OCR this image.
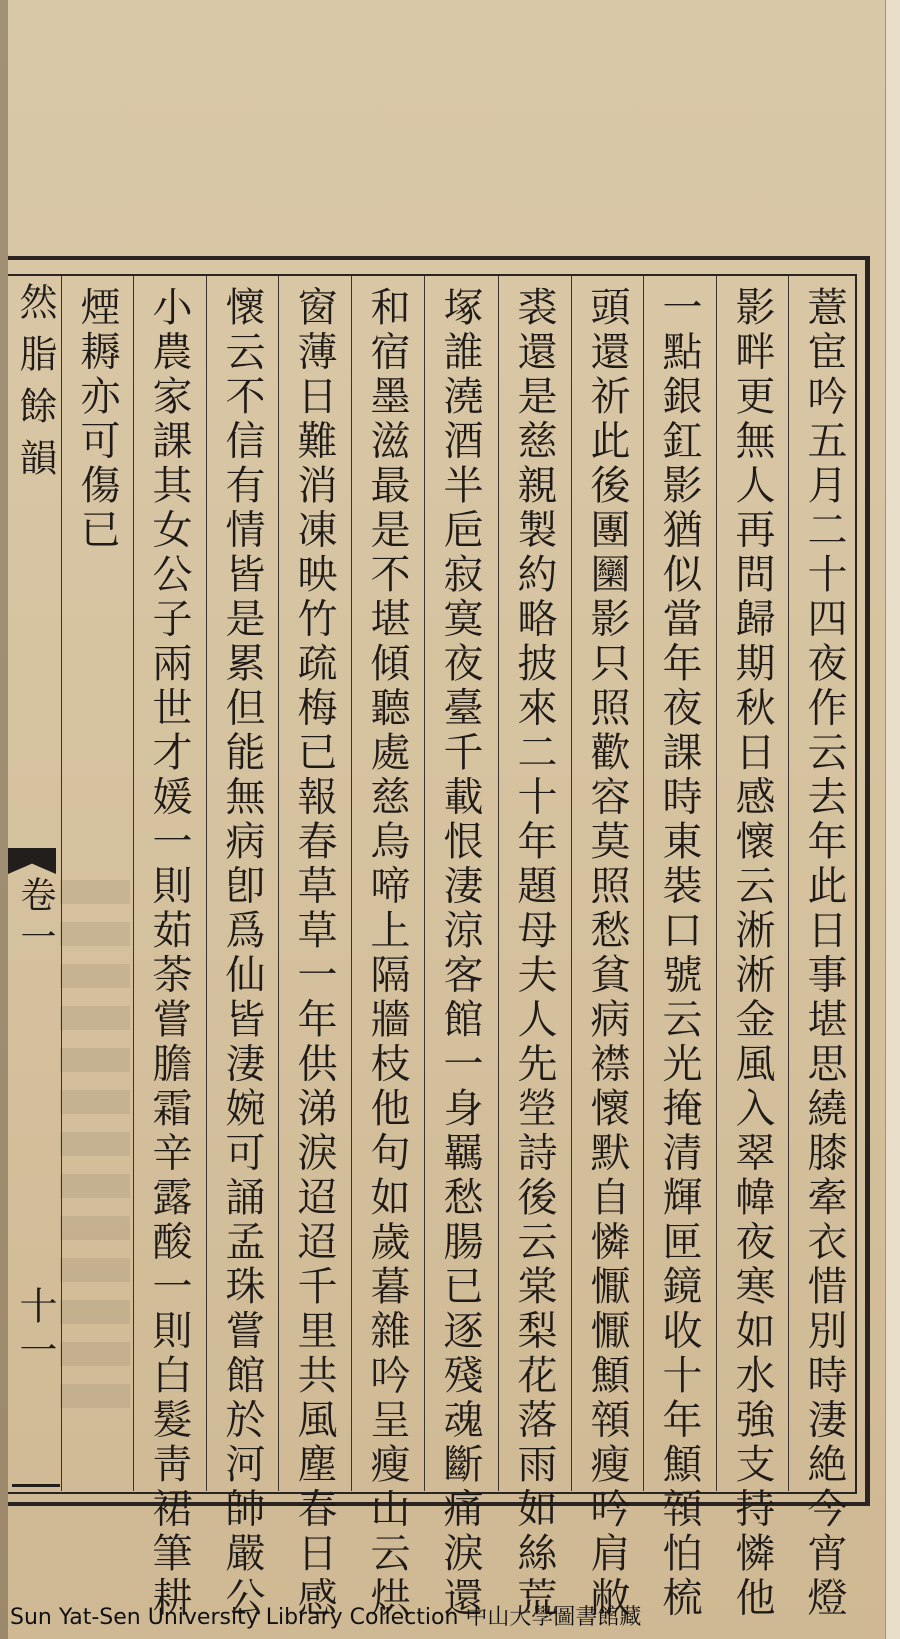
然脂餘韻
卷一
十一	薏宦吟五月二十四夜作云去年此日事堪思繞膝牽衣惜別時淒絶今宵燈
影畔更無人再問歸期秋日感懷云淅淅金風入翠幃夜寒如水強支持憐他
一點銀釭影猶似當年夜課時東裝口號云光掩清輝匣鏡收十年顦顇怕梳
頭還祈此後團圞影只照歡容莫照愁貧病襟懷默自憐懨懨顦顇瘦吟肩敝
裘還是慈親製約略披來二十年題母夫人先塋詩後云棠梨花落雨如絲荒
塚誰澆酒半巵寂寞夜臺千載恨淒涼客館一身羈愁腸已逐殘魂斷痛淚還
和宿墨滋最是不堪傾聽處慈烏啼上隔牆枝他句如歲暮雜吟呈瘦山云烘
窗薄日難消凍映竹疏梅已報春草草一年供涕淚迢迢千里共風塵春日感
懷云不信有情皆是累但能無病卽爲仙皆淒婉可誦孟珠嘗館於河帥嚴公
小農家課其女公子兩世才媛一則茹荼嘗膽霜辛露酸一則白髮靑裙筆耕
煙耨亦可傷已
Sun Yat-Sen University Library Collection 中山大學圖書館藏
